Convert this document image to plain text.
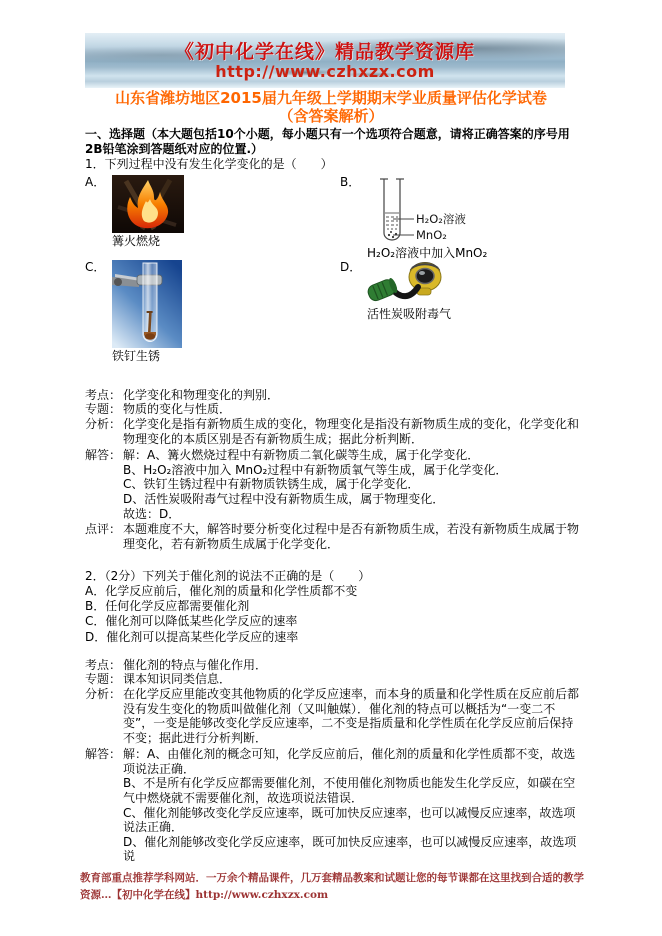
《初中化学在线》精品教学资源库
http://www.czhxzx.com
山东省潍坊地区2015届九年级上学期期末学业质量评估化学试卷
（含答案解析）
一、选择题（本大题包括10个小题，每小题只有一个选项符合题意，请将正确答案的序号用2B铅笔涂到答题纸对应的位置.）
1．下列过程中没有发生化学变化的是（　　）
A．
篝火燃烧
B．
H₂O₂溶液
MnO₂
H₂O₂溶液中加入MnO₂
C．
铁钉生锈
D．
活性炭吸附毒气
考点： 化学变化和物理变化的判别．
专题： 物质的变化与性质．
分析： 化学变化是指有新物质生成的变化，物理变化是指没有新物质生成的变化，化学变化和物理变化的本质区别是否有新物质生成；据此分析判断．
解答： 解：A、篝火燃烧过程中有新物质二氧化碳等生成，属于化学变化．
B、H₂O₂溶液中加入 MnO₂过程中有新物质氧气等生成，属于化学变化．
C、铁钉生锈过程中有新物质铁锈生成，属于化学变化．
D、活性炭吸附毒气过程中没有新物质生成，属于物理变化．
故选：D．
点评： 本题难度不大，解答时要分析变化过程中是否有新物质生成，若没有新物质生成属于物理变化，若有新物质生成属于化学变化．
2．（2分）下列关于催化剂的说法不正确的是（　　）
A．化学反应前后，催化剂的质量和化学性质都不变
B．任何化学反应都需要催化剂
C．催化剂可以降低某些化学反应的速率
D．催化剂可以提高某些化学反应的速率
考点： 催化剂的特点与催化作用．
专题： 课本知识同类信息．
分析： 在化学反应里能改变其他物质的化学反应速率，而本身的质量和化学性质在反应前后都没有发生变化的物质叫做催化剂（又叫触媒）．催化剂的特点可以概括为“一变二不变”，一变是能够改变化学反应速率，二不变是指质量和化学性质在化学反应前后保持不变；据此进行分析判断．
解答： 解：A、由催化剂的概念可知，化学反应前后，催化剂的质量和化学性质都不变，故选项说法正确．
B、不是所有化学反应都需要催化剂，不使用催化剂物质也能发生化学反应，如碳在空气中燃烧就不需要催化剂，故选项说法错误．
C、催化剂能够改变化学反应速率，既可加快反应速率，也可以减慢反应速率，故选项说法正确．
D、催化剂能够改变化学反应速率，既可加快反应速率，也可以减慢反应速率，故选项说
教育部重点推荐学科网站．一万余个精品课件，几万套精品教案和试题让您的每节课都在这里找到合适的教学资源…【初中化学在线】http://www.czhxzx.com
